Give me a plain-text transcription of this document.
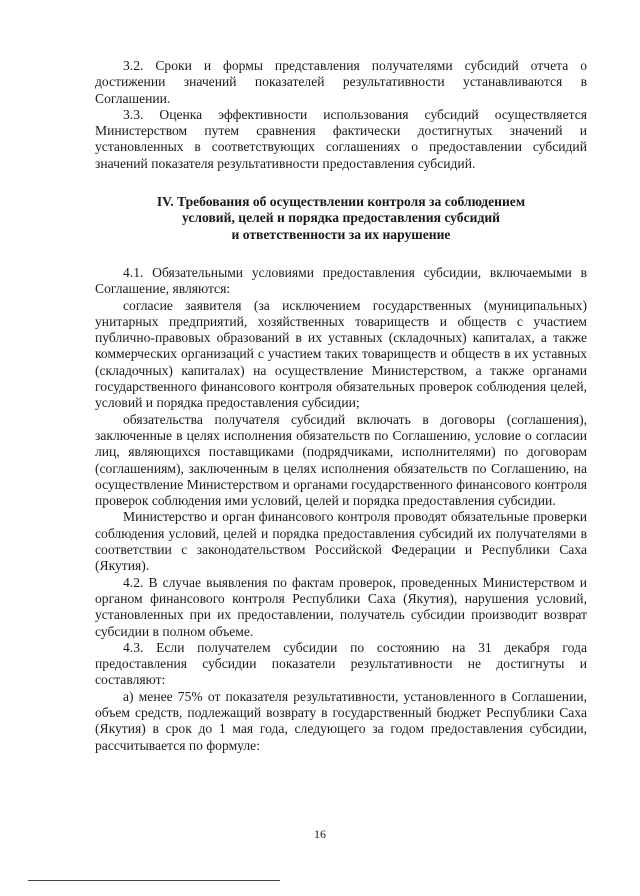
3.2. Сроки и формы представления получателями субсидий отчета о достижении значений показателей результативности устанавливаются в Соглашении.

3.3. Оценка эффективности использования субсидий осуществляется Министерством путем сравнения фактически достигнутых значений и установленных в соответствующих соглашениях о предоставлении субсидий значений показателя результативности предоставления субсидий.

IV. Требования об осуществлении контроля за соблюдением
условий, целей и порядка предоставления субсидий
и ответственности за их нарушение

4.1. Обязательными условиями предоставления субсидии, включаемыми в Соглашение, являются:

согласие заявителя (за исключением государственных (муниципальных) унитарных предприятий, хозяйственных товариществ и обществ с участием публично-правовых образований в их уставных (складочных) капиталах, а также коммерческих организаций с участием таких товариществ и обществ в их уставных (складочных) капиталах) на осуществление Министерством, а также органами государственного финансового контроля обязательных проверок соблюдения целей, условий и порядка предоставления субсидии;

обязательства получателя субсидий включать в договоры (соглашения), заключенные в целях исполнения обязательств по Соглашению, условие о согласии лиц, являющихся поставщиками (подрядчиками, исполнителями) по договорам (соглашениям), заключенным в целях исполнения обязательств по Соглашению, на осуществление Министерством и органами государственного финансового контроля проверок соблюдения ими условий, целей и порядка предоставления субсидии.

Министерство и орган финансового контроля проводят обязательные проверки соблюдения условий, целей и порядка предоставления субсидий их получателями в соответствии с законодательством Российской Федерации и Республики Саха (Якутия).

4.2. В случае выявления по фактам проверок, проведенных Министерством и органом финансового контроля Республики Саха (Якутия), нарушения условий, установленных при их предоставлении, получатель субсидии производит возврат субсидии в полном объеме.

4.3. Если получателем субсидии по состоянию на 31 декабря года предоставления субсидии показатели результативности не достигнуты и составляют:

а) менее 75% от показателя результативности, установленного в Соглашении, объем средств, подлежащий возврату в государственный бюджет Республики Саха (Якутия) в срок до 1 мая года, следующего за годом предоставления субсидии, рассчитывается по формуле:

16
